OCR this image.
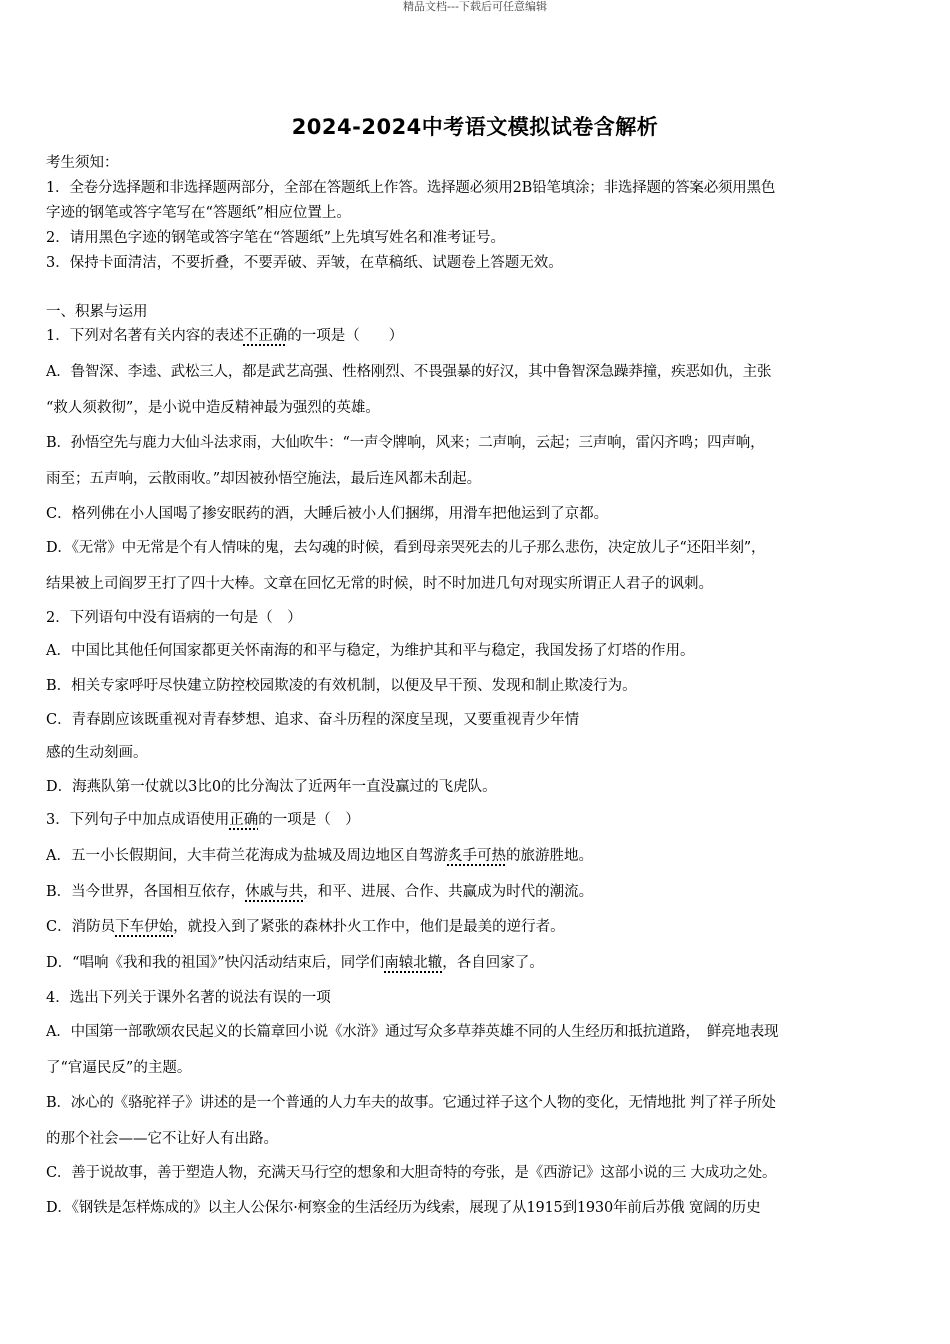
精品文档---下载后可任意编辑
2024-2024中考语文模拟试卷含解析
考生须知：
1．全卷分选择题和非选择题两部分，全部在答题纸上作答。选择题必须用2B铅笔填涂；非选择题的答案必须用黑色
字迹的钢笔或答字笔写在“答题纸”相应位置上。
2．请用黑色字迹的钢笔或答字笔在“答题纸”上先填写姓名和准考证号。
3．保持卡面清洁，不要折叠，不要弄破、弄皱，在草稿纸、试题卷上答题无效。
一、积累与运用
1．下列对名著有关内容的表述不正确的一项是（　　）
A．鲁智深、李逵、武松三人，都是武艺高强、性格刚烈、不畏强暴的好汉，其中鲁智深急躁莽撞，疾恶如仇，主张
“救人须救彻”，是小说中造反精神最为强烈的英雄。
B．孙悟空先与鹿力大仙斗法求雨，大仙吹牛：“一声令牌响，风来；二声响，云起；三声响，雷闪齐鸣；四声响，
雨至；五声响，云散雨收。”却因被孙悟空施法，最后连风都未刮起。
C．格列佛在小人国喝了掺安眠药的酒，大睡后被小人们捆绑，用滑车把他运到了京都。
D．《无常》中无常是个有人情味的鬼，去勾魂的时候，看到母亲哭死去的儿子那么悲伤，决定放儿子“还阳半刻”，
结果被上司阎罗王打了四十大棒。文章在回忆无常的时候，时不时加进几句对现实所谓正人君子的讽刺。
2．下列语句中没有语病的一句是（　）
A．中国比其他任何国家都更关怀南海的和平与稳定，为维护其和平与稳定，我国发扬了灯塔的作用。
B．相关专家呼吁尽快建立防控校园欺凌的有效机制，以便及早干预、发现和制止欺凌行为。
C．青春剧应该既重视对青春梦想、追求、奋斗历程的深度呈现，又要重视青少年情
感的生动刻画。
D．海燕队第一仗就以3比0的比分淘汰了近两年一直没赢过的飞虎队。
3．下列句子中加点成语使用正确的一项是（　）
A．五一小长假期间，大丰荷兰花海成为盐城及周边地区自驾游炙手可热的旅游胜地。
B．当今世界，各国相互依存，休戚与共，和平、进展、合作、共赢成为时代的潮流。
C．消防员下车伊始，就投入到了紧张的森林扑火工作中，他们是最美的逆行者。
D．“唱响《我和我的祖国》”快闪活动结束后，同学们南辕北辙，各自回家了。
4．选出下列关于课外名著的说法有误的一项
A．中国第一部歌颂农民起义的长篇章回小说《水浒》通过写众多草莽英雄不同的人生经历和抵抗道路，　鲜亮地表现
了“官逼民反”的主题。
B．冰心的《骆驼祥子》讲述的是一个普通的人力车夫的故事。它通过祥子这个人物的变化，无情地批 判了祥子所处
的那个社会——它不让好人有出路。
C．善于说故事，善于塑造人物，充满天马行空的想象和大胆奇特的夸张，是《西游记》这部小说的三 大成功之处。
D．《钢铁是怎样炼成的》以主人公保尔·柯察金的生活经历为线索，展现了从1915到1930年前后苏俄 宽阔的历史
